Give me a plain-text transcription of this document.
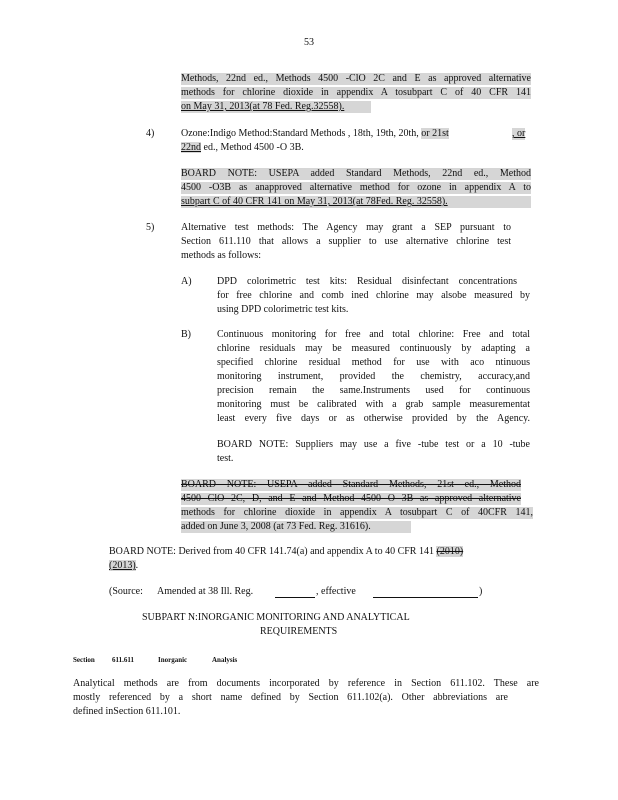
53
Methods, 22nd ed., Methods 4500 -ClO 2C and E as approved alternative
methods for chlorine dioxide in appendix A tosubpart C of 40 CFR 141
on May 31, 2013(at 78 Fed. Reg.32558).
4)	Ozone:Indigo Method:Standard Methods , 18th, 19th, 20th, or 21st	, or
22nd ed., Method 4500 -O 3B.
BOARD NOTE: USEPA added Standard Methods, 22nd ed., Method
4500 -O3B as anapproved alternative method for ozone in appendix A to
subpart C of 40 CFR 141 on May 31, 2013(at 78Fed. Reg. 32558).
5)	Alternative test methods: The Agency may grant a SEP pursuant to
Section 611.110 that allows a supplier to use alternative chlorine test
methods as follows:
A)	DPD colorimetric test kits: Residual disinfectant concentrations
for free chlorine and comb ined chlorine may alsobe measured by
using DPD colorimetric test kits.
B)	Continuous monitoring for free and total chlorine: Free and total
chlorine residuals may be measured continuously by adapting a
specified chlorine residual method for use with aco ntinuous
monitoring instrument, provided the chemistry, accuracy,and
precision remain the same.Instruments used for continuous
monitoring must be calibrated with a grab sample measurementat
least every five days or as otherwise provided by the Agency.
BOARD NOTE: Suppliers may use a five -tube test or a 10 -tube
test.
BOARD NOTE: USEPA added Standard Methods, 21st ed., Method
4500 ClO 2C, D, and E and Method 4500 O 3B as approved alternative
methods for chlorine dioxide in appendix A tosubpart C of 40CFR 141,
added on June 3, 2008 (at 73 Fed. Reg. 31616).
BOARD NOTE: Derived from 40 CFR 141.74(a) and appendix A to 40 CFR 141 (2010)
(2013).
(Source: Amended at 38 Ill. Reg.	, effective	)
SUBPART N:INORGANIC MONITORING AND ANALYTICAL
REQUIREMENTS
Section 611.611	Inorganic	Analysis
Analytical methods are from documents incorporated by reference in Section 611.102. These are
mostly referenced by a short name defined by Section 611.102(a). Other abbreviations are
defined inSection 611.101.
